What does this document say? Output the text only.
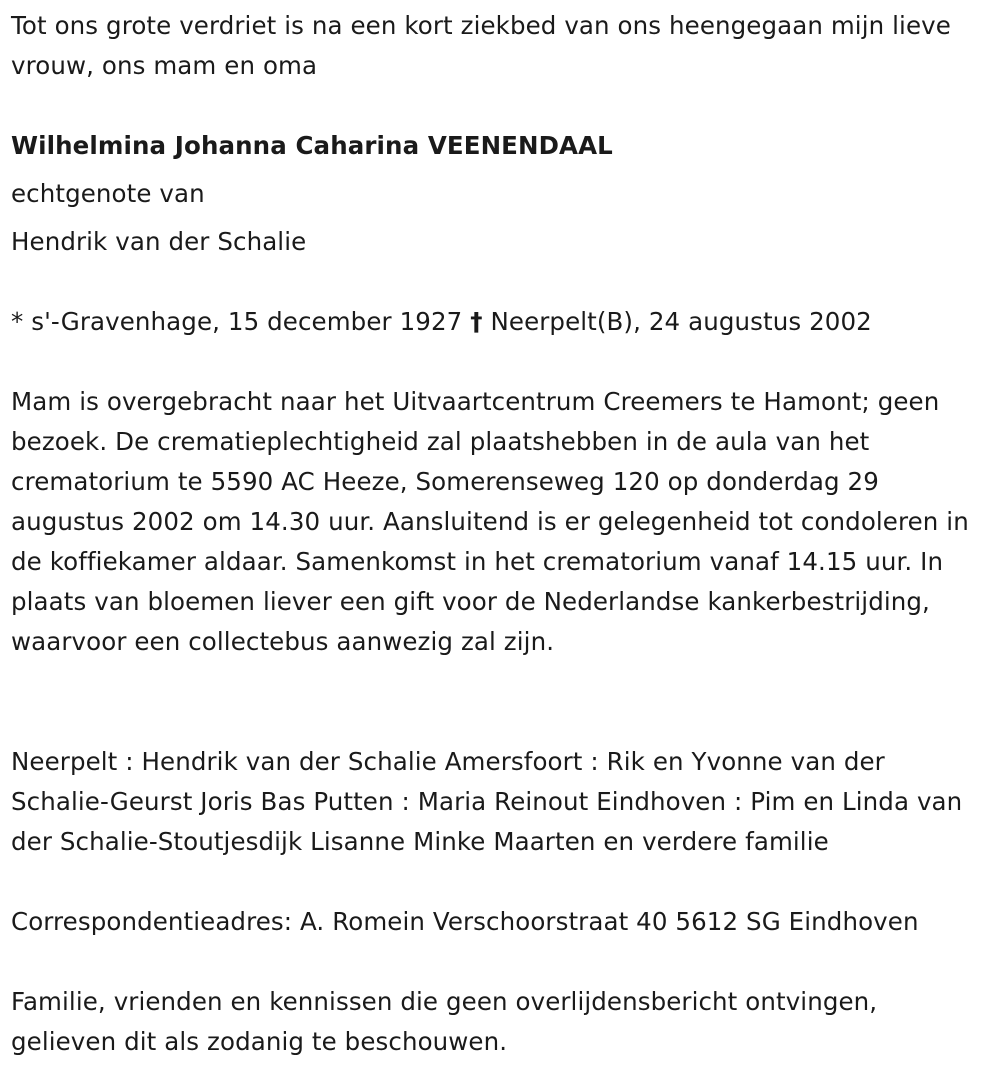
Tot ons grote verdriet is na een kort ziekbed van ons heengegaan mijn lieve vrouw, ons mam en oma

Wilhelmina Johanna Caharina VEENENDAAL

echtgenote van

Hendrik van der Schalie

* s'-Gravenhage, 15 december 1927 † Neerpelt(B), 24 augustus 2002

Mam is overgebracht naar het Uitvaartcentrum Creemers te Hamont; geen bezoek. De crematieplechtigheid zal plaatshebben in de aula van het crematorium te 5590 AC Heeze, Somerenseweg 120 op donderdag 29 augustus 2002 om 14.30 uur. Aansluitend is er gelegenheid tot condoleren in de koffiekamer aldaar. Samenkomst in het crematorium vanaf 14.15 uur. In plaats van bloemen liever een gift voor de Nederlandse kankerbestrijding, waarvoor een collectebus aanwezig zal zijn.

Neerpelt : Hendrik van der Schalie Amersfoort : Rik en Yvonne van der Schalie-Geurst Joris Bas Putten : Maria Reinout Eindhoven : Pim en Linda van der Schalie-Stoutjesdijk Lisanne Minke Maarten en verdere familie

Correspondentieadres: A. Romein Verschoorstraat 40 5612 SG Eindhoven

Familie, vrienden en kennissen die geen overlijdensbericht ontvingen, gelieven dit als zodanig te beschouwen.
